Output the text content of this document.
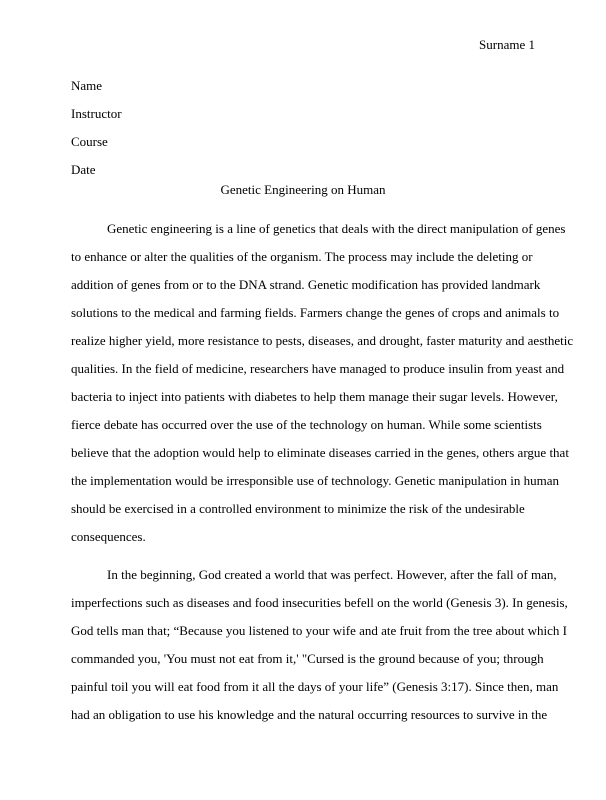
Surname 1
Name
Instructor
Course
Date
Genetic Engineering on Human
Genetic engineering is a line of genetics that deals with the direct manipulation of genes
to enhance or alter the qualities of the organism. The process may include the deleting or
addition of genes from or to the DNA strand. Genetic modification has provided landmark
solutions to the medical and farming fields. Farmers change the genes of crops and animals to
realize higher yield, more resistance to pests, diseases, and drought, faster maturity and aesthetic
qualities. In the field of medicine, researchers have managed to produce insulin from yeast and
bacteria to inject into patients with diabetes to help them manage their sugar levels. However,
fierce debate has occurred over the use of the technology on human. While some scientists
believe that the adoption would help to eliminate diseases carried in the genes, others argue that
the implementation would be irresponsible use of technology. Genetic manipulation in human
should be exercised in a controlled environment to minimize the risk of the undesirable
consequences.
In the beginning, God created a world that was perfect. However, after the fall of man,
imperfections such as diseases and food insecurities befell on the world (Genesis 3). In genesis,
God tells man that; “Because you listened to your wife and ate fruit from the tree about which I
commanded you, 'You must not eat from it,' "Cursed is the ground because of you; through
painful toil you will eat food from it all the days of your life” (Genesis 3:17). Since then, man
had an obligation to use his knowledge and the natural occurring resources to survive in the
